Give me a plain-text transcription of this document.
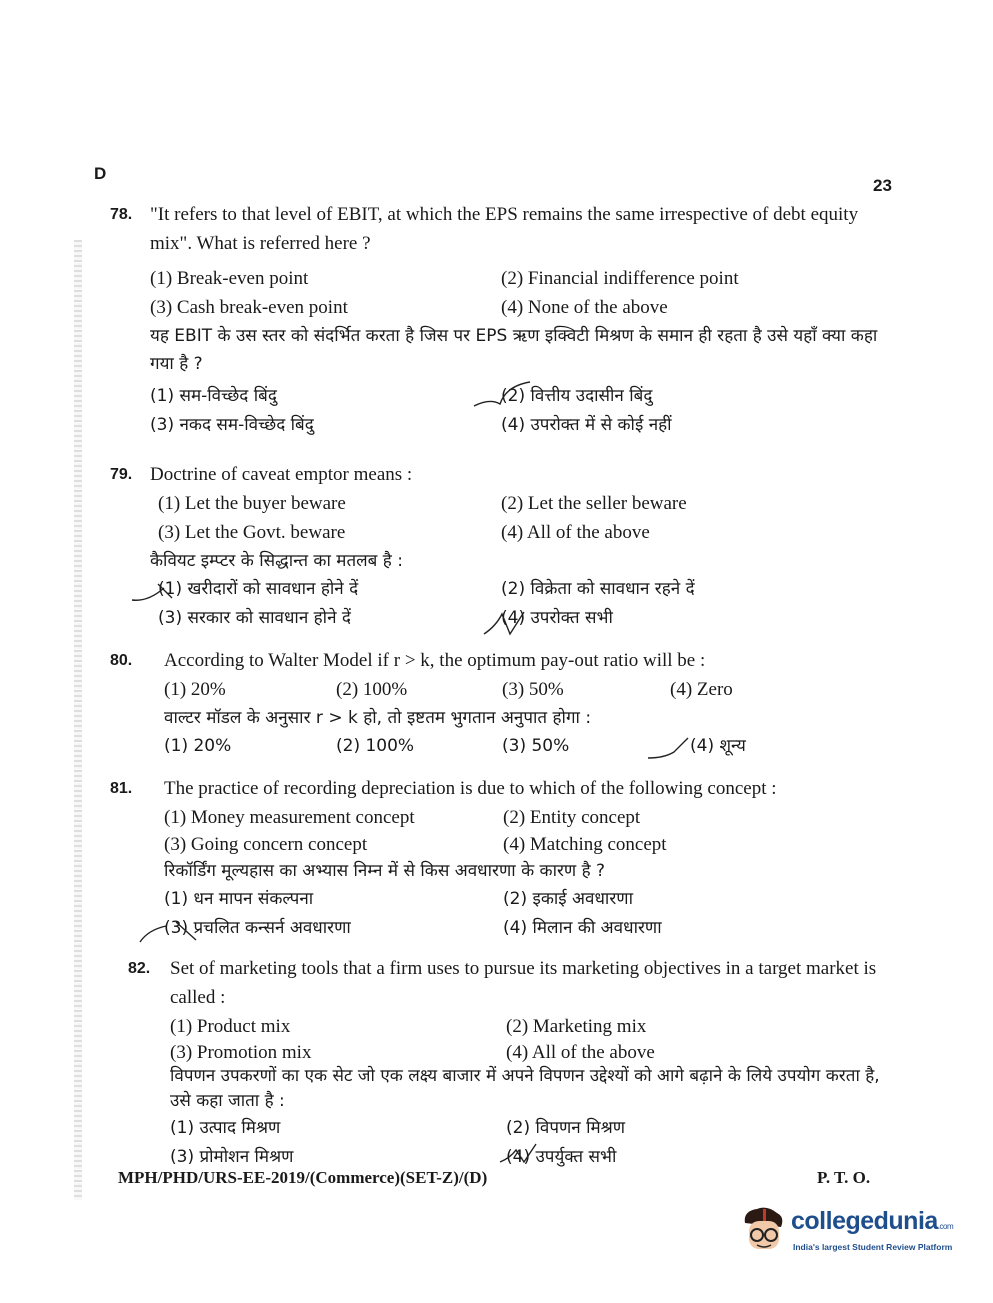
D
23
78. "It refers to that level of EBIT, at which the EPS remains the same irrespective of debt equity mix". What is referred here ?
(1) Break-even point	(2) Financial indifference point
(3) Cash break-even point	(4) None of the above
यह EBIT के उस स्तर को संदर्भित करता है जिस पर EPS ऋण इक्विटी मिश्रण के समान ही रहता है उसे यहाँ क्या कहा गया है ?
(1) सम-विच्छेद बिंदु	(2) वित्तीय उदासीन बिंदु
(3) नकद सम-विच्छेद बिंदु	(4) उपरोक्त में से कोई नहीं
79. Doctrine of caveat emptor means :
(1) Let the buyer beware	(2) Let the seller beware
(3) Let the Govt. beware	(4) All of the above
कैवियट इम्प्टर के सिद्धान्त का मतलब है :
(1) खरीदारों को सावधान होने दें	(2) विक्रेता को सावधान रहने दें
(3) सरकार को सावधान होने दें	(4) उपरोक्त सभी
80. According to Walter Model if r > k, the optimum pay-out ratio will be :
(1) 20%	(2) 100%	(3) 50%	(4) Zero
वाल्टर मॉडल के अनुसार r > k हो, तो इष्टतम भुगतान अनुपात होगा :
(1) 20%	(2) 100%	(3) 50%	(4) शून्य
81. The practice of recording depreciation is due to which of the following concept :
(1) Money measurement concept	(2) Entity concept
(3) Going concern concept	(4) Matching concept
रिकॉर्डिंग मूल्यहास का अभ्यास निम्न में से किस अवधारणा के कारण है ?
(1) धन मापन संकल्पना	(2) इकाई अवधारणा
(3) प्रचलित कन्सर्न अवधारणा	(4) मिलान की अवधारणा
82. Set of marketing tools that a firm uses to pursue its marketing objectives in a target market is called :
(1) Product mix	(2) Marketing mix
(3) Promotion mix	(4) All of the above
विपणन उपकरणों का एक सेट जो एक लक्ष्य बाजार में अपने विपणन उद्देश्यों को आगे बढ़ाने के लिये उपयोग करता है, उसे कहा जाता है :
(1) उत्पाद मिश्रण	(2) विपणन मिश्रण
(3) प्रोमोशन मिश्रण	(4) उपर्युक्त सभी
MPH/PHD/URS-EE-2019/(Commerce)(SET-Z)/(D)	P. T. O.
collegedunia.com
India's largest Student Review Platform
